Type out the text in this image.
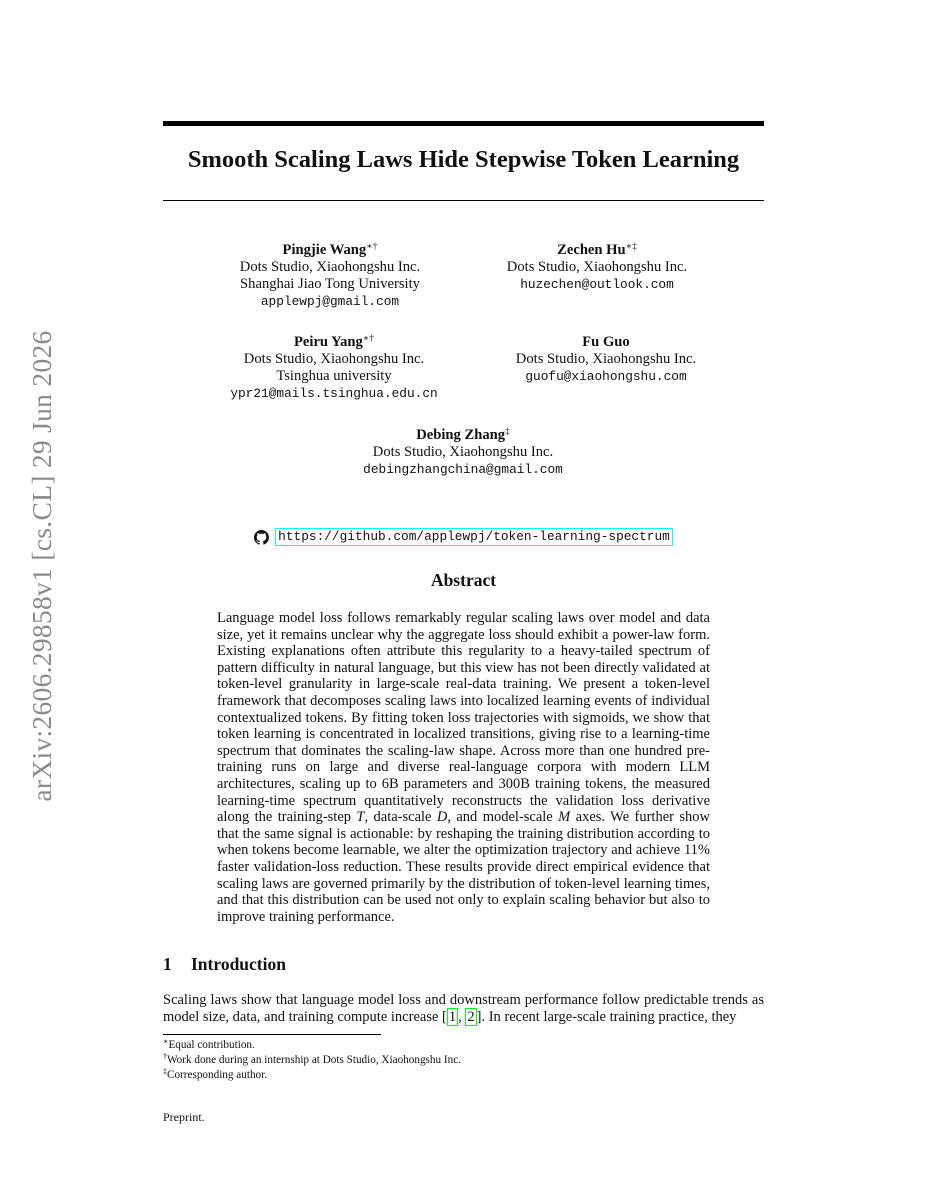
arXiv:2606.29858v1 [cs.CL] 29 Jun 2026
Smooth Scaling Laws Hide Stepwise Token Learning
Pingjie Wang∗†
Dots Studio, Xiaohongshu Inc.
Shanghai Jiao Tong University
applewpj@gmail.com
Zechen Hu∗‡
Dots Studio, Xiaohongshu Inc.
huzechen@outlook.com
Peiru Yang∗†
Dots Studio, Xiaohongshu Inc.
Tsinghua university
ypr21@mails.tsinghua.edu.cn
Fu Guo
Dots Studio, Xiaohongshu Inc.
guofu@xiaohongshu.com
Debing Zhang‡
Dots Studio, Xiaohongshu Inc.
debingzhangchina@gmail.com
https://github.com/applewpj/token-learning-spectrum
Abstract

Language model loss follows remarkably regular scaling laws over model and data size, yet it remains unclear why the aggregate loss should exhibit a power-law form. Existing explanations often attribute this regularity to a heavy-tailed spectrum of pattern difficulty in natural language, but this view has not been directly validated at token-level granularity in large-scale real-data training. We present a token-level framework that decomposes scaling laws into localized learning events of individual contextualized tokens. By fitting token loss trajectories with sigmoids, we show that token learning is concentrated in localized transitions, giving rise to a learning-time spectrum that dominates the scaling-law shape. Across more than one hundred pre-training runs on large and diverse real-language corpora with modern LLM architectures, scaling up to 6B parameters and 300B training tokens, the measured learning-time spectrum quantitatively reconstructs the validation loss derivative along the training-step T, data-scale D, and model-scale M axes. We further show that the same signal is actionable: by reshaping the training distribution according to when tokens become learnable, we alter the optimization trajectory and achieve 11% faster validation-loss reduction. These results provide direct empirical evidence that scaling laws are governed primarily by the distribution of token-level learning times, and that this distribution can be used not only to explain scaling behavior but also to improve training performance.

1 Introduction

Scaling laws show that language model loss and downstream performance follow predictable trends as model size, data, and training compute increase [ 1 , 2 ]. In recent large-scale training practice, they

∗Equal contribution.
†Work done during an internship at Dots Studio, Xiaohongshu Inc.
‡Corresponding author.
Preprint.
